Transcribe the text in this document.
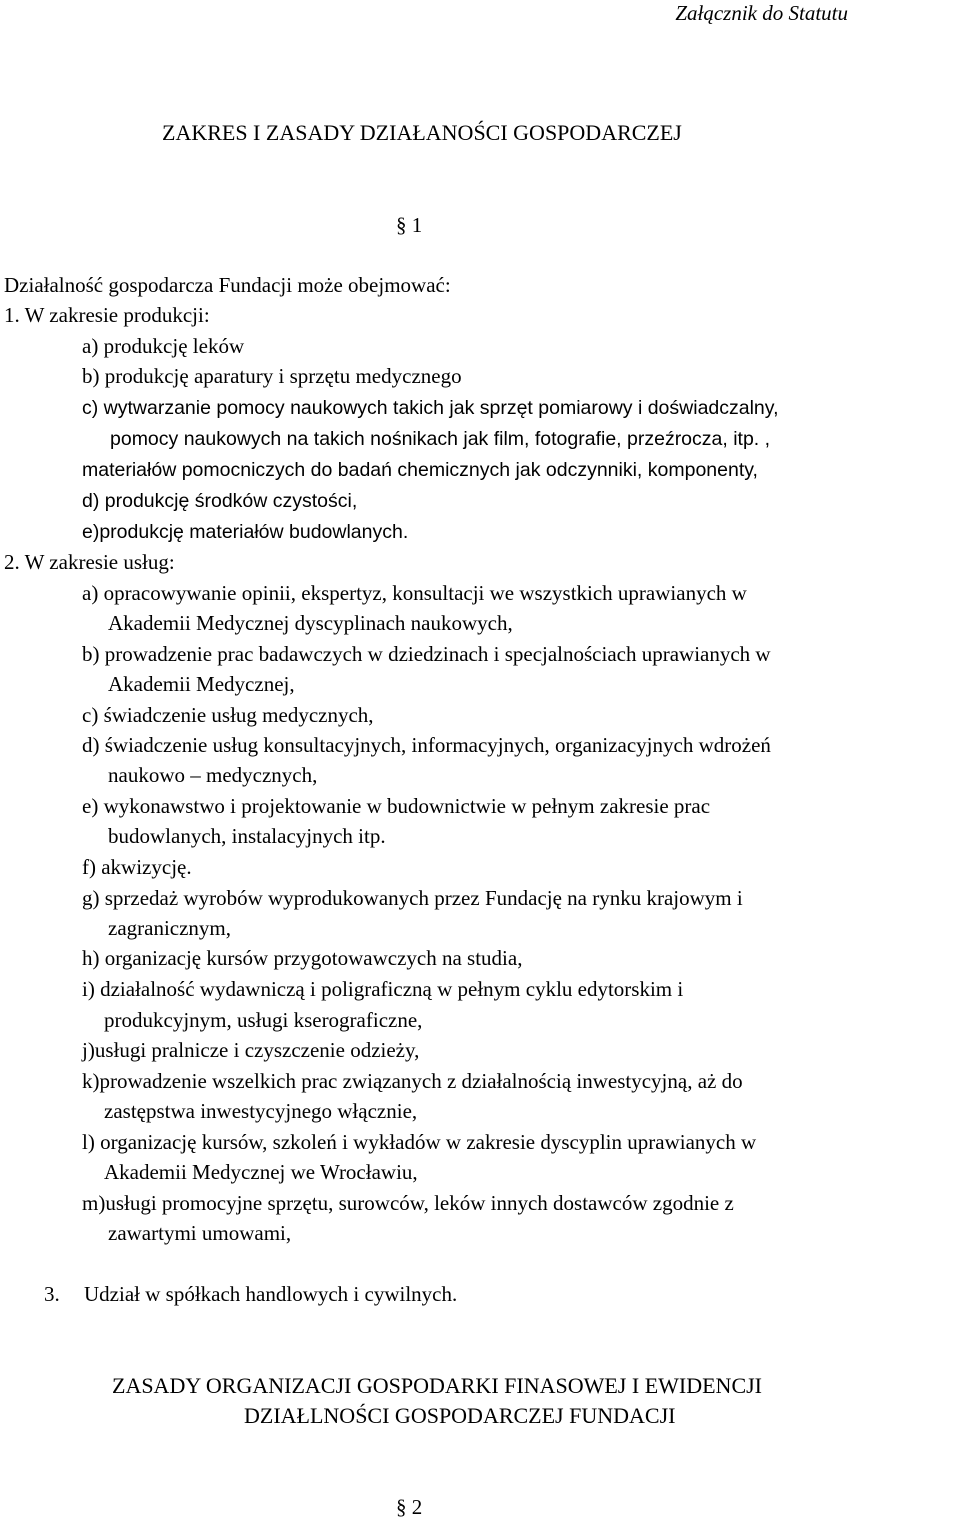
Załącznik do Statutu
ZAKRES I ZASADY DZIAŁANOŚCI GOSPODARCZEJ
§ 1
Działalność gospodarcza Fundacji może obejmować:
1. W zakresie produkcji:
a) produkcję leków
b) produkcję aparatury i sprzętu medycznego
c) wytwarzanie pomocy naukowych takich jak sprzęt pomiarowy i doświadczalny,
pomocy naukowych na takich nośnikach jak film, fotografie, przeźrocza, itp. ,
materiałów pomocniczych do badań chemicznych jak odczynniki, komponenty,
d) produkcję środków czystości,
e)produkcję materiałów budowlanych.
2. W zakresie usług:
a) opracowywanie opinii, ekspertyz, konsultacji we wszystkich uprawianych w
Akademii Medycznej dyscyplinach naukowych,
b) prowadzenie prac badawczych w dziedzinach i specjalnościach uprawianych w
Akademii Medycznej,
c) świadczenie usług medycznych,
d) świadczenie usług konsultacyjnych, informacyjnych, organizacyjnych wdrożeń
naukowo – medycznych,
e) wykonawstwo i projektowanie w budownictwie w pełnym zakresie prac
budowlanych, instalacyjnych itp.
f) akwizycję.
g) sprzedaż wyrobów wyprodukowanych przez Fundację na rynku krajowym i
zagranicznym,
h) organizację kursów przygotowawczych na studia,
i) działalność wydawniczą i poligraficzną w pełnym cyklu edytorskim i
produkcyjnym, usługi kserograficzne,
j)usługi pralnicze i czyszczenie odzieży,
k)prowadzenie wszelkich prac związanych z działalnością inwestycyjną, aż do
zastępstwa inwestycyjnego włącznie,
l) organizację kursów, szkoleń i wykładów w zakresie dyscyplin uprawianych w
Akademii Medycznej we Wrocławiu,
m)usługi promocyjne sprzętu, surowców, leków innych dostawców zgodnie z
zawartymi umowami,
3. Udział w spółkach handlowych i cywilnych.
ZASADY ORGANIZACJI GOSPODARKI FINASOWEJ I EWIDENCJI
DZIAŁLNOŚCI GOSPODARCZEJ FUNDACJI
§ 2
